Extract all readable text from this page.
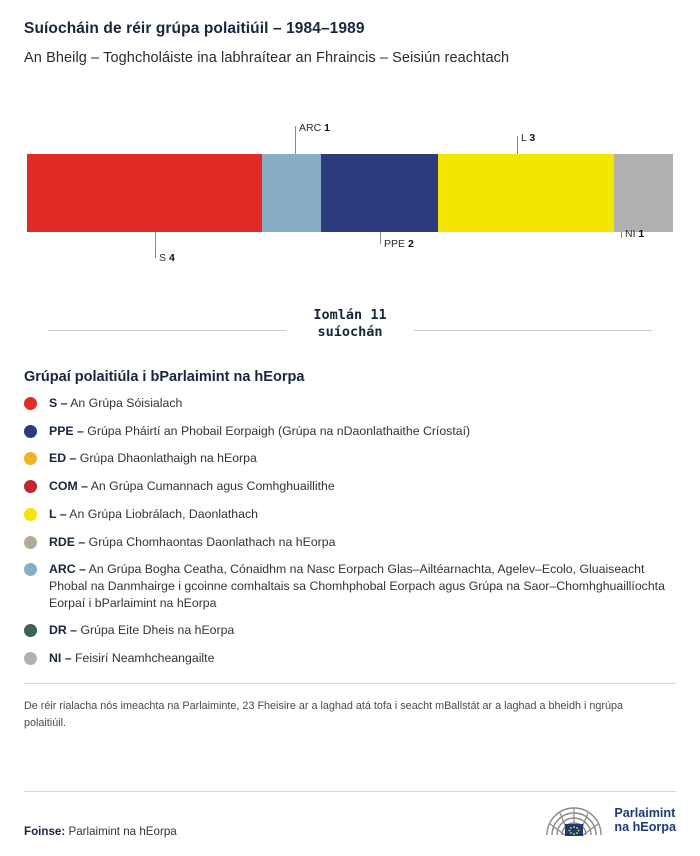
Suíocháin de réir grúpa polaitiúil – 1984–1989
An Bheilg – Toghcholáiste ina labhraítear an Fhraincis – Seisiún reachtach
ARC 1
L 3
S 4
PPE 2
NI 1
Iomlán 11
suíochán
Grúpaí polaitiúla i bParlaimint na hEorpa
S – An Grúpa Sóisialach
PPE – Grúpa Pháirtí an Phobail Eorpaigh (Grúpa na nDaonlathaithe Críostaí)
ED – Grúpa Dhaonlathaigh na hEorpa
COM – An Grúpa Cumannach agus Comhghuaillithe
L – An Grúpa Liobrálach, Daonlathach
RDE – Grúpa Chomhaontas Daonlathach na hEorpa
ARC – An Grúpa Bogha Ceatha, Cónaidhm na Nasc Eorpach Glas–Ailtéarnachta, Agelev–Ecolo, Gluaiseacht Phobal na Danmhairge i gcoinne comhaltais sa Chomhphobal Eorpach agus Grúpa na Saor–Chomhghuaillíochta Eorpaí i bParlaimint na hEorpa
DR – Grúpa Eite Dheis na hEorpa
NI – Feisirí Neamhcheangailte
De réir rialacha nós imeachta na Parlaiminte, 23 Fheisire ar a laghad atá tofa i seacht mBallstát ar a laghad a bheidh i ngrúpa polaitiúil.
Foinse: Parlaimint na hEorpa
Parlaimint
na hEorpa
